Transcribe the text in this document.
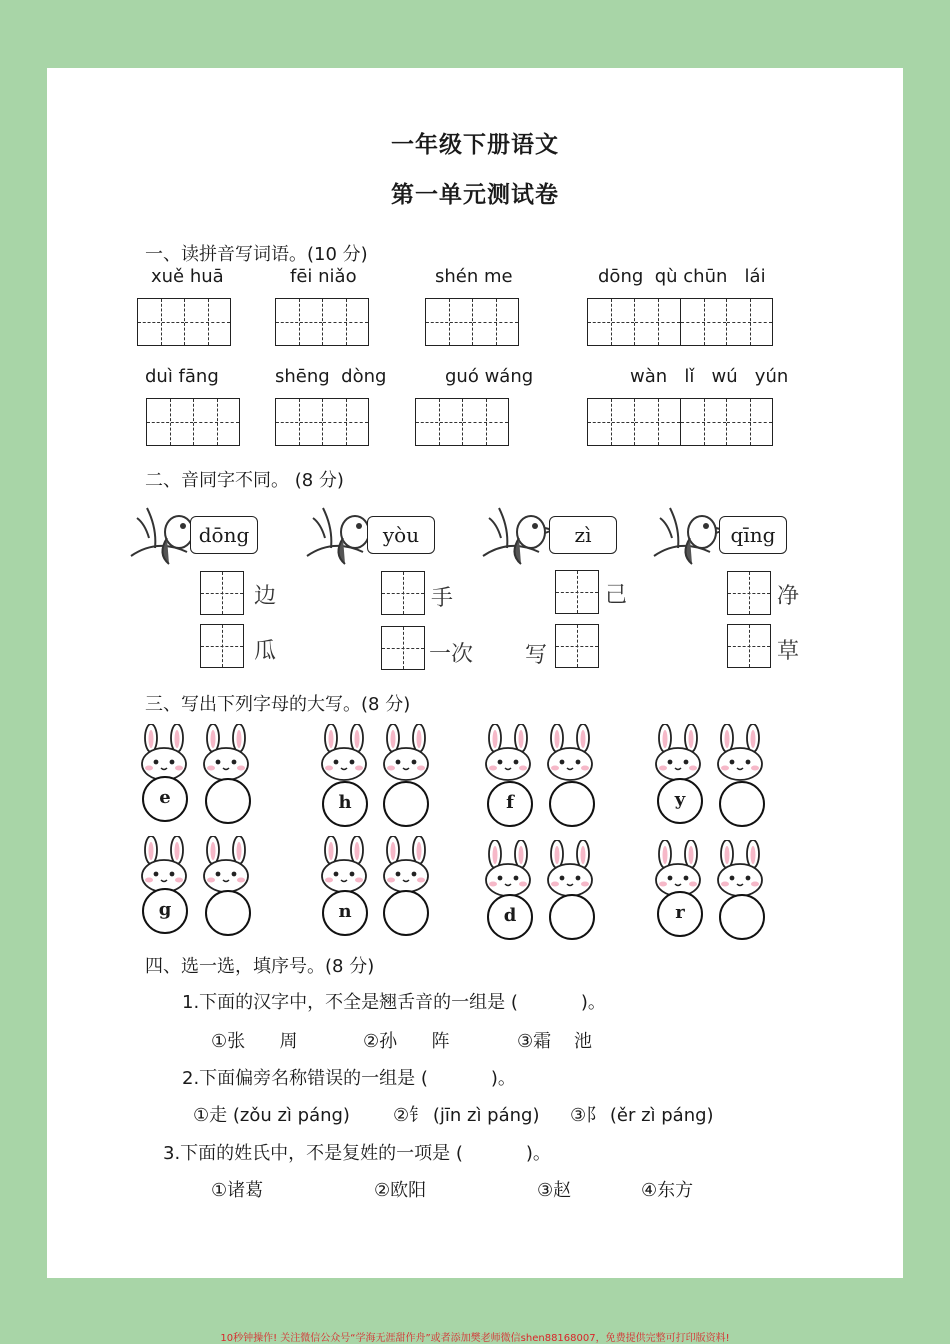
一年级下册语文
第一单元测试卷
一、读拼音写词语。(10 分)
xuě huā	fēi niǎo	shén me	dōng  qù chūn   lái
duì fāng	shēng  dòng	guó wáng	wàn   lǐ   wú   yún
二、音同字不同。 (8 分)
dōng
边
瓜
yòu
手
一次
zì
己
写
qīng
净
草
三、写出下列字母的大写。(8 分)
e	h	f	y
g	n	d	r
四、选一选，填序号。(8 分)
1.下面的汉字中，不全是翘舌音的一组是 (           )。
①张      周	②孙      阵	③霜    池
2.下面偏旁名称错误的一组是 (           )。
①走 (zǒu zì páng) ②钅 (jīn zì páng) ③阝 (ěr zì páng)
3.下面的姓氏中，不是复姓的一项是 (           )。
①诸葛	②欧阳	③赵	④东方
10秒钟操作! 关注微信公众号“学海无涯甜作舟”或者添加樊老师微信shen88168007，免费提供完整可打印版资料!
